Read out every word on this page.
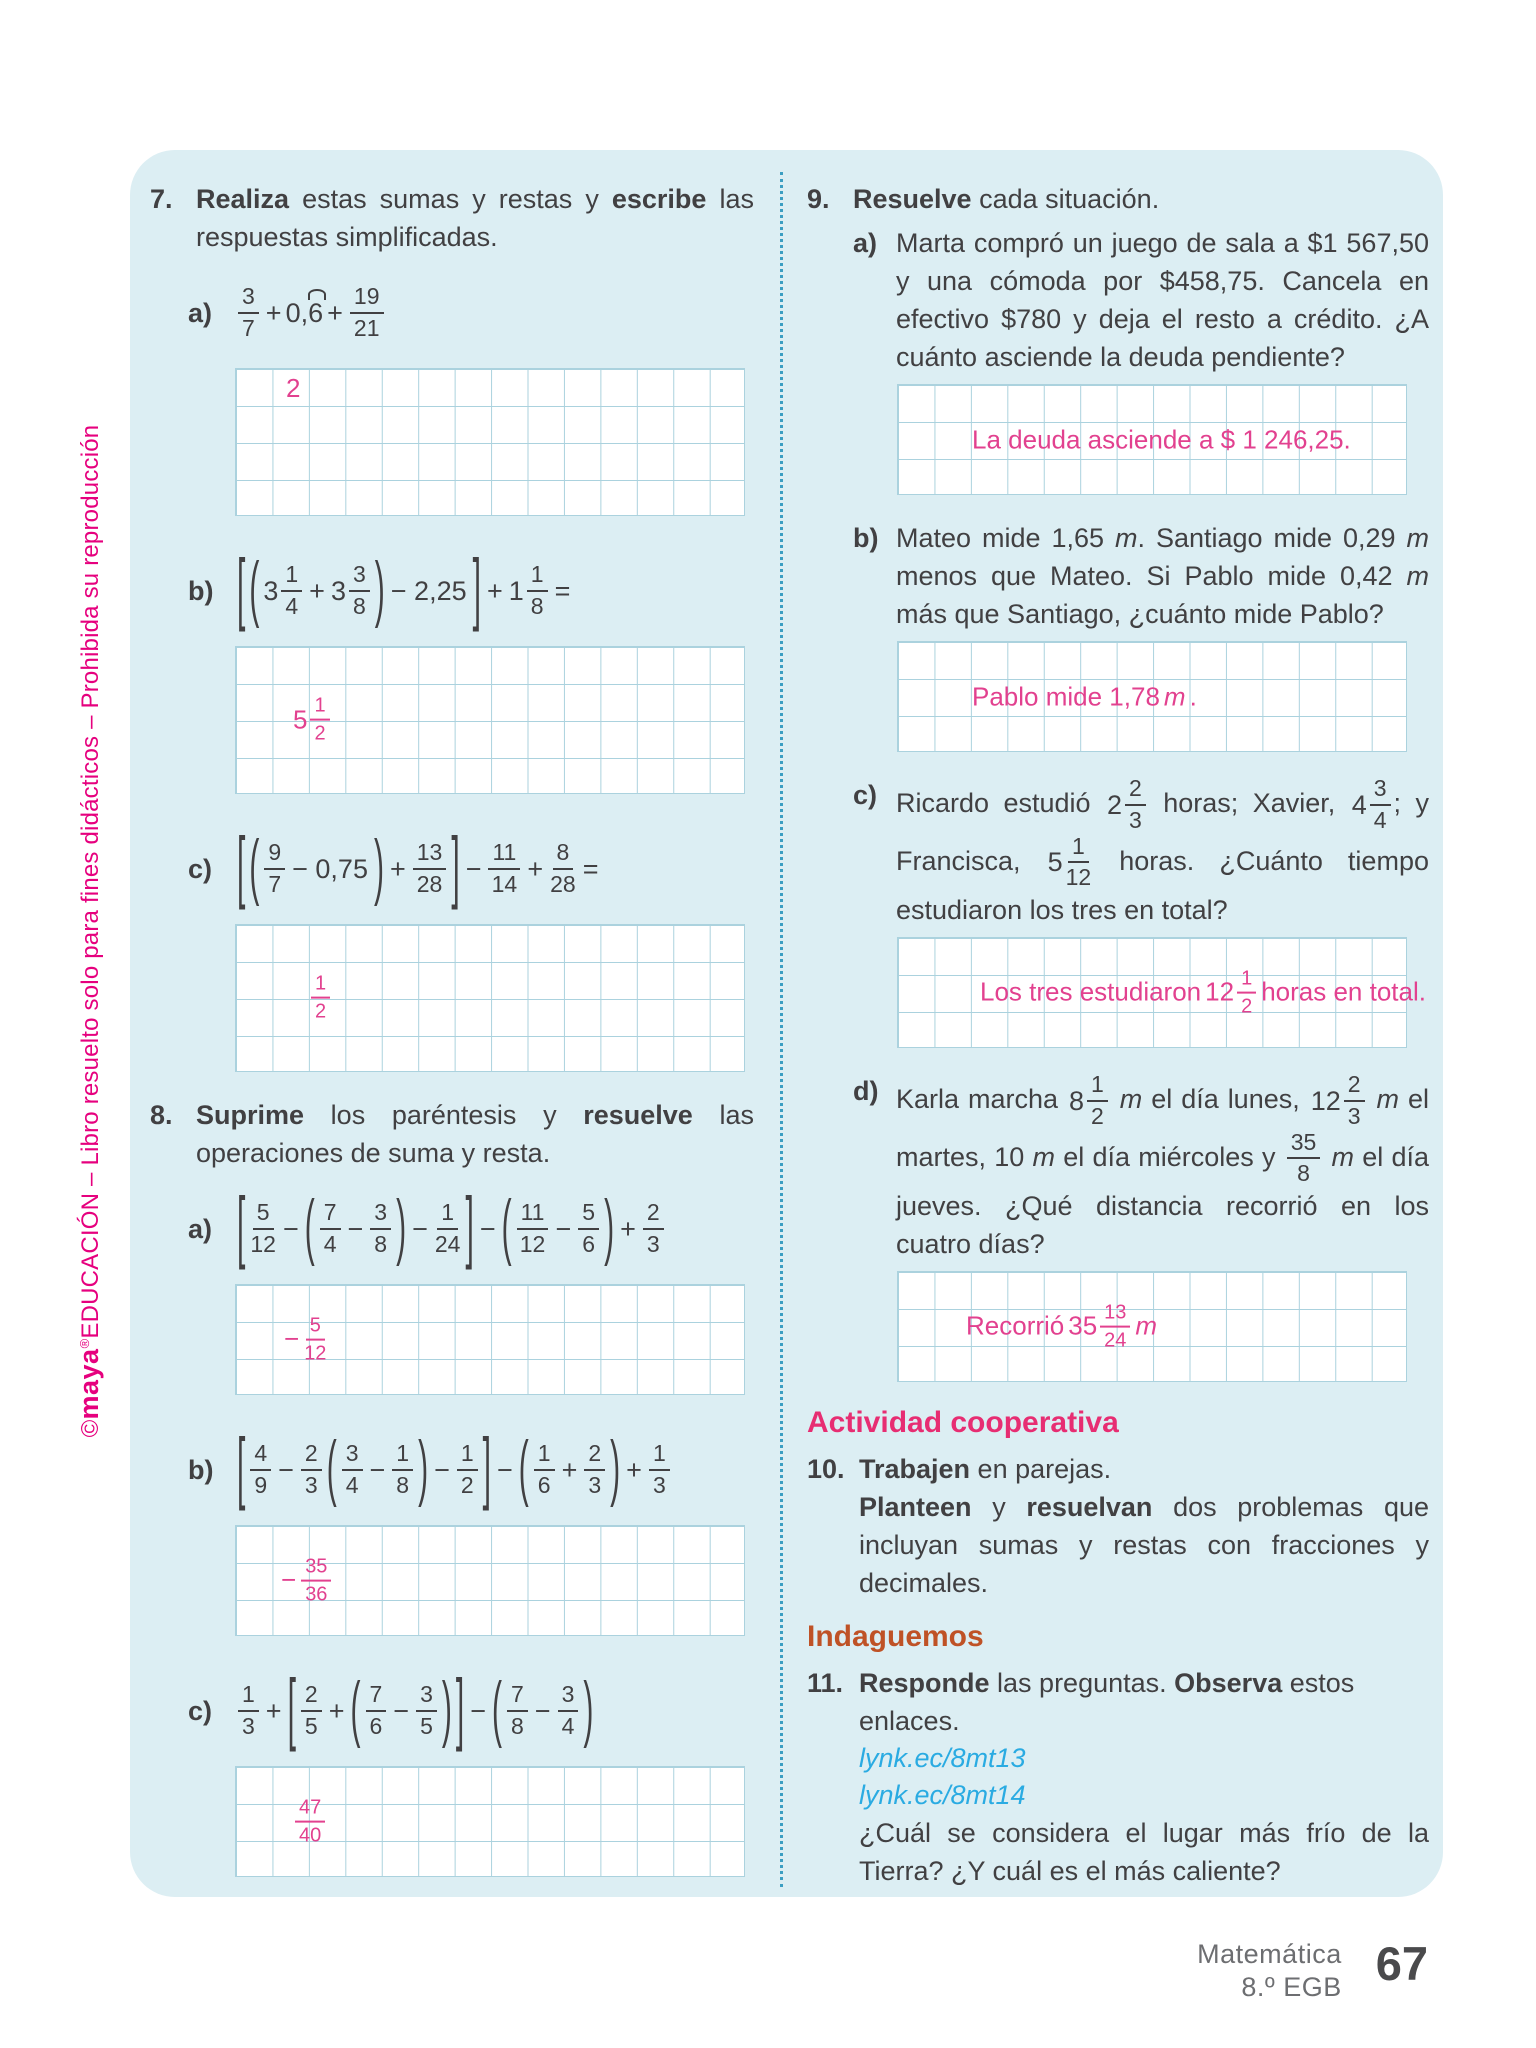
©maya®EDUCACIÓN – Libro resuelto solo para fines didácticos – Prohibida su reproducción
7. Realiza estas sumas y restas y escribe las respuestas simplificadas.

a)	$\frac{3}{7} + 0,6 + \frac{19}{21}$
2
b) [ ( $3 \frac{1}{4} + 3 \frac{3}{8}$ ) − 2,25 ] + $1 \frac{1}{8}$ =
$5 \frac{1}{2}$
c) [ ( $\frac{9}{7} - 0,75$ ) + $\frac{13}{28}$ ] − $\frac{11}{14} + \frac{8}{28}$ =
$\frac{1}{2}$
8. Suprime los paréntesis y resuelve las operaciones de suma y resta.

a) [ $\frac{5}{12}$ − ( $\frac{7}{4} - \frac{3}{8}$ ) − $\frac{1}{24}$ ] − ( $\frac{11}{12} - \frac{5}{6}$ ) + $\frac{2}{3}$
− $\frac{5}{12}$
b) [ $\frac{4}{9} - \frac{2}{3}$ ( $\frac{3}{4} - \frac{1}{8}$ ) − $\frac{1}{2}$ ] − ( $\frac{1}{6} + \frac{2}{3}$ ) + $\frac{1}{3}$
− $\frac{35}{36}$
c)	$\frac{1}{3}$ + [ $\frac{2}{5}$ + ( $\frac{7}{6} - \frac{3}{5}$ ) ] − ( $\frac{7}{8} - \frac{3}{4}$ )
$\frac{47}{40}$
9. Resuelve cada situación.

a) Marta compró un juego de sala a $1 567,50 y una cómoda por $458,75. Cancela en efectivo $780 y deja el resto a crédito. ¿A cuánto asciende la deuda pendiente?

La deuda asciende a $ 1 246,25.
b) Mateo mide 1,65 m. Santiago mide 0,29 m menos que Mateo. Si Pablo mide 0,42 m más que Santiago, ¿cuánto mide Pablo?

Pablo mide 1,78 m .
c) Ricardo estudió $2 \frac{2}{3}$ horas; Xavier, $4 \frac{3}{4}$ ; y Francisca, $5 \frac{1}{12}$ horas. ¿Cuánto tiempo estudiaron los tres en total?

Los tres estudiaron $12 \frac{1}{2}$ horas en total.
d) Karla marcha $8 \frac{1}{2}$ m el día lunes, $12 \frac{2}{3}$ m el martes, 10 m el día miércoles y $\frac{35}{8}$ m el día jueves. ¿Qué distancia recorrió en los cuatro días?

Recorrió $35 \frac{13}{24}$ m
Actividad cooperativa
10. Trabajen en parejas.

Planteen y resuelvan dos problemas que incluyan sumas y restas con fracciones y decimales.

Indaguemos
11. Responde las preguntas. Observa estos enlaces.

lynk.ec/8mt13
lynk.ec/8mt14

¿Cuál se considera el lugar más frío de la Tierra? ¿Y cuál es el más caliente?

Matemática
8.º EGB 67
